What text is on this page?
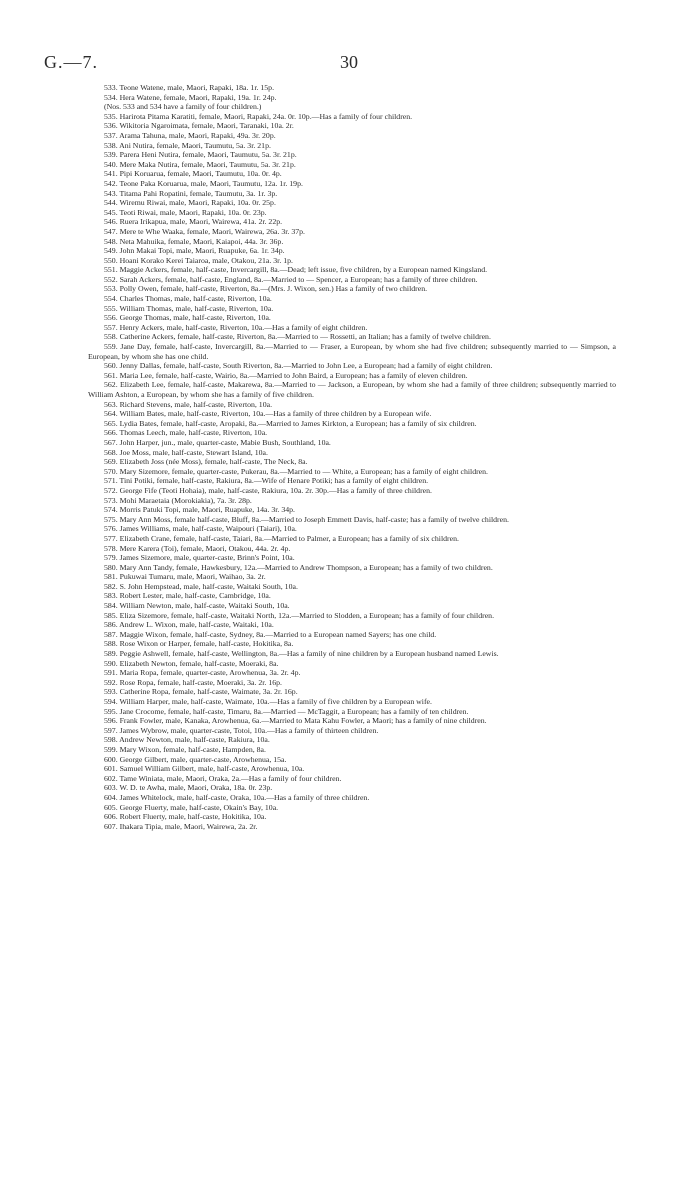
G.—7.	30

533. Teone Watene, male, Maori, Rapaki, 18a. 1r. 15p.

534. Hera Watene, female, Maori, Rapaki, 19a. 1r. 24p.

(Nos. 533 and 534 have a family of four children.)

535. Harirota Pitama Karatiti, female, Maori, Rapaki, 24a. 0r. 10p.—Has a family of four children.

536. Wikitoria Ngaroimata, female, Maori, Taranaki, 10a. 2r.

537. Arama Tahuna, male, Maori, Rapaki, 49a. 3r. 20p.

538. Ani Nutira, female, Maori, Taumutu, 5a. 3r. 21p.

539. Parera Heni Nutira, female, Maori, Taumutu, 5a. 3r. 21p.

540. Mere Maka Nutira, female, Maori, Taumutu, 5a. 3r. 21p.

541. Pipi Koruarua, female, Maori, Taumutu, 10a. 0r. 4p.

542. Teone Paka Koruarua, male, Maori, Taumutu, 12a. 1r. 19p.

543. Titama Pahi Ropatini, female, Taumutu, 3a. 1r. 3p.

544. Wiremu Riwai, male, Maori, Rapaki, 10a. 0r. 25p.

545. Teoti Riwai, male, Maori, Rapaki, 10a. 0r. 23p.

546. Ruera Irikapua, male, Maori, Wairewa, 41a. 2r. 22p.

547. Mere te Whe Waaka, female, Maori, Wairewa, 26a. 3r. 37p.

548. Neta Mahuika, female, Maori, Kaiapoi, 44a. 3r. 36p.

549. John Makai Topi, male, Maori, Ruapuke, 6a. 1r. 34p.

550. Hoani Korako Kerei Taiaroa, male, Otakou, 21a. 3r. 1p.

551. Maggie Ackers, female, half-caste, Invercargill, 8a.—Dead; left issue, five children, by a European named Kingsland.

552. Sarah Ackers, female, half-caste, England, 8a.—Married to — Spencer, a European; has a family of three children.

553. Polly Owen, female, half-caste, Riverton, 8a.—(Mrs. J. Wixon, sen.) Has a family of two children.

554. Charles Thomas, male, half-caste, Riverton, 10a.

555. William Thomas, male, half-caste, Riverton, 10a.

556. George Thomas, male, half-caste, Riverton, 10a.

557. Henry Ackers, male, half-caste, Riverton, 10a.—Has a family of eight children.

558. Catherine Ackers, female, half-caste, Riverton, 8a.—Married to — Rossetti, an Italian; has a family of twelve children.

559. Jane Day, female, half-caste, Invercargill, 8a.—Married to — Fraser, a European, by whom she had five children; subsequently married to — Simpson, a European, by whom she has one child.

560. Jenny Dallas, female, half-caste, South Riverton, 8a.—Married to John Lee, a European; had a family of eight children.

561. Maria Lee, female, half-caste, Wairio, 8a.—Married to John Baird, a European; has a family of eleven children.

562. Elizabeth Lee, female, half-caste, Makarewa, 8a.—Married to — Jackson, a European, by whom she had a family of three children; subsequently married to William Ashton, a European, by whom she has a family of five children.

563. Richard Stevens, male, half-caste, Riverton, 10a.

564. William Bates, male, half-caste, Riverton, 10a.—Has a family of three children by a European wife.

565. Lydia Bates, female, half-caste, Aropaki, 8a.—Married to James Kirkton, a European; has a family of six children.

566. Thomas Leech, male, half-caste, Riverton, 10a.

567. John Harper, jun., male, quarter-caste, Mabie Bush, Southland, 10a.

568. Joe Moss, male, half-caste, Stewart Island, 10a.

569. Elizabeth Joss (née Moss), female, half-caste, The Neck, 8a.

570. Mary Sizemore, female, quarter-caste, Pukerau, 8a.—Married to — White, a European; has a family of eight children.

571. Tini Potiki, female, half-caste, Rakiura, 8a.—Wife of Henare Potiki; has a family of eight children.

572. George Fife (Teoti Hohaia), male, half-caste, Rakiura, 10a. 2r. 30p.—Has a family of three children.

573. Mohi Maraetaia (Morokiakia), 7a. 3r. 28p.

574. Morris Patuki Topi, male, Maori, Ruapuke, 14a. 3r. 34p.

575. Mary Ann Moss, female half-caste, Bluff, 8a.—Married to Joseph Emmett Davis, half-caste; has a family of twelve children.

576. James Williams, male, half-caste, Waipouri (Taiari), 10a.

577. Elizabeth Crane, female, half-caste, Taiari, 8a.—Married to Palmer, a European; has a family of six children.

578. Mere Karera (Toi), female, Maori, Otakou, 44a. 2r. 4p.

579. James Sizemore, male, quarter-caste, Brinn's Point, 10a.

580. Mary Ann Tandy, female, Hawkesbury, 12a.—Married to Andrew Thompson, a European; has a family of two children.

581. Pukuwai Tumaru, male, Maori, Waihao, 3a. 2r.

582. S. John Hempstead, male, half-caste, Waitaki South, 10a.

583. Robert Lester, male, half-caste, Cambridge, 10a.

584. William Newton, male, half-caste, Waitaki South, 10a.

585. Eliza Sizemore, female, half-caste, Waitaki North, 12a.—Married to Slodden, a European; has a family of four children.

586. Andrew L. Wixon, male, half-caste, Waitaki, 10a.

587. Maggie Wixon, female, half-caste, Sydney, 8a.—Married to a European named Sayers; has one child.

588. Rose Wixon or Harper, female, half-caste, Hokitika, 8a.

589. Peggie Ashwell, female, half-caste, Wellington, 8a.—Has a family of nine children by a European husband named Lewis.

590. Elizabeth Newton, female, half-caste, Moeraki, 8a.

591. Maria Ropa, female, quarter-caste, Arowhenua, 3a. 2r. 4p.

592. Rose Ropa, female, half-caste, Moeraki, 3a. 2r. 16p.

593. Catherine Ropa, female, half-caste, Waimate, 3a. 2r. 16p.

594. William Harper, male, half-caste, Waimate, 10a.—Has a family of five children by a European wife.

595. Jane Crocome, female, half-caste, Timaru, 8a.—Married — McTaggit, a European; has a family of ten children.

596. Frank Fowler, male, Kanaka, Arowhenua, 6a.—Married to Mata Kahu Fowler, a Maori; has a family of nine children.

597. James Wybrow, male, quarter-caste, Totoi, 10a.—Has a family of thirteen children.

598. Andrew Newton, male, half-caste, Rakiura, 10a.

599. Mary Wixon, female, half-caste, Hampden, 8a.

600. George Gilbert, male, quarter-caste, Arowhenua, 15a.

601. Samuel William Gilbert, male, half-caste, Arowhenua, 10a.

602. Tame Winiata, male, Maori, Oraka, 2a.—Has a family of four children.

603. W. D. te Awha, male, Maori, Oraka, 18a. 0r. 23p.

604. James Whitelock, male, half-caste, Oraka, 10a.—Has a family of three children.

605. George Fluerty, male, half-caste, Okain's Bay, 10a.

606. Robert Fluerty, male, half-caste, Hokitika, 10a.

607. Ihakara Tipia, male, Maori, Wairewa, 2a. 2r.
